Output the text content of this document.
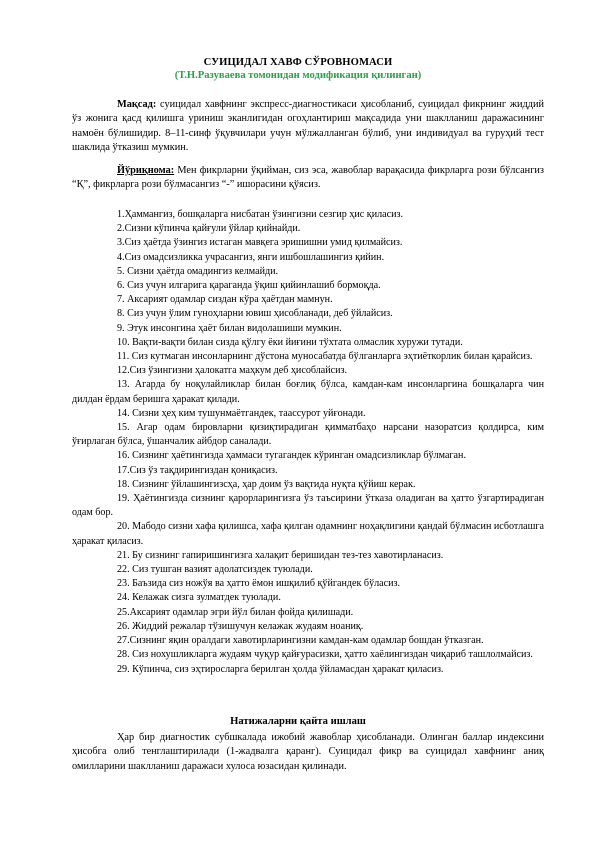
СУИЦИДАЛ ХАВФ СЎРОВНОМАСИ
(Т.Н.Разуваева томонидан модификация қилинган)

Мақсад: суицидал хавфнинг экспресс-диагностикаси ҳисобланиб, суицидал фикрнинг жиддий ўз жонига қасд қилишга уриниш эканлигидан огоҳлантириш мақсадида уни шаклланиш даражасининг намоён бўлишидир. 8–11-синф ўқувчилари учун мўлжалланган бўлиб, уни индивидуал ва гуруҳий тест шаклида ўтказиш мумкин.

Йўриқнома: Мен фикрларни ўқийман, сиз эса, жавоблар варақасида фикрларга рози бўлсангиз “Қ”, фикрларга рози бўлмасангиз “-” ишорасини қўясиз.

1.Ҳаммангиз, бошқаларга нисбатан ўзингизни сезгир ҳис қиласиз.
2.Сизни кўпинча қайғули ўйлар қийнайди.
3.Сиз ҳаётда ўзингиз истаган мавқега эришишни умид қилмайсиз.
4.Сиз омадсизликка учрасангиз, янги ишбошлашингиз қийин.
5. Сизни ҳаётда омадингиз келмайди.
6. Сиз учун илгарига қараганда ўқиш қийинлашиб бормоқда.
7. Аксарият одамлар сиздан кўра ҳаётдан мамнун.
8. Сиз учун ўлим гуноҳларни ювиш ҳисобланади, деб ўйлайсиз.
9. Этук инсонгина ҳаёт билан видолашиши мумкин.
10. Вақти-вақти билан сизда қўлгу ёки йиғини тўхтата олмаслик хуружи тутади.
11. Сиз кутмаган инсонларнинг дўстона муносабатда бўлганларга эҳтиёткорлик билан қарайсиз.
12.Сиз ўзингизни ҳалокатга маҳкум деб ҳисоблайсиз.
13. Агарда бу ноқулайликлар билан боғлиқ бўлса, камдан-кам инсонларгина бошқаларга чин дилдан ёрдам беришга ҳаракат қилади.
14. Сизни ҳеҳ ким тушунмаётгандек, таассурот уйғонади.
15. Агар одам бировларни қизиқтирадиган қимматбаҳо нарсани назоратсиз қолдирса, ким ўғирлаган бўлса, ўшанчалик айбдор саналади.
16. Сизнинг ҳаётингизда ҳаммаси тугагандек кўринган омадсизликлар бўлмаган.
17.Сиз ўз тақдирингиздан қониқасиз.
18. Сизнинг ўйлашингизсҳа, ҳар доим ўз вақтида нуқта қўйиш керак.
19. Ҳаётингизда сизнинг қарорларингизга ўз таъсирини ўтказа оладиган ва ҳатто ўзгартирадиган одам бор.
20. Мабодо сизни хафа қилишса, хафа қилган одамнинг ноҳақлигини қандай бўлмасин исботлашга ҳаракат қиласиз.
21. Бу сизнинг гапиришингизга халақит беришидан тез-тез хавотирланасиз.
22. Сиз тушган вазият адолатсиздек туюлади.
23. Баъзида сиз ножўя ва ҳатто ёмон ишқилиб қўйгандек бўласиз.
24. Келажак сизга зулматдек туюлади.
25.Аксарият одамлар эгри йўл билан фойда қилишади.
26. Жиддий режалар тўзишучун келажак жудаям ноаниқ.
27.Сизнинг яқин оралдаги хавотирларингизни камдан-кам одамлар бошдан ўтказган.
28. Сиз нохушликларга жудаям чуқур қайғурасизки, ҳатто хаёлингиздан чиқариб ташлолмайсиз.
29. Кўпинча, сиз эҳтиросларга берилган ҳолда ўйламасдан ҳаракат қиласиз.
Натижаларни қайта ишлаш

Ҳар бир диагностик субшкалада ижобий жавоблар ҳисобланади. Олинган баллар индексини ҳисобга олиб тенглаштирилади (1-жадвалга қаранг). Суицидал фикр ва суицидал хавфнинг аниқ омилларини шаклланиш даражаси хулоса юзасидан қилинади.
